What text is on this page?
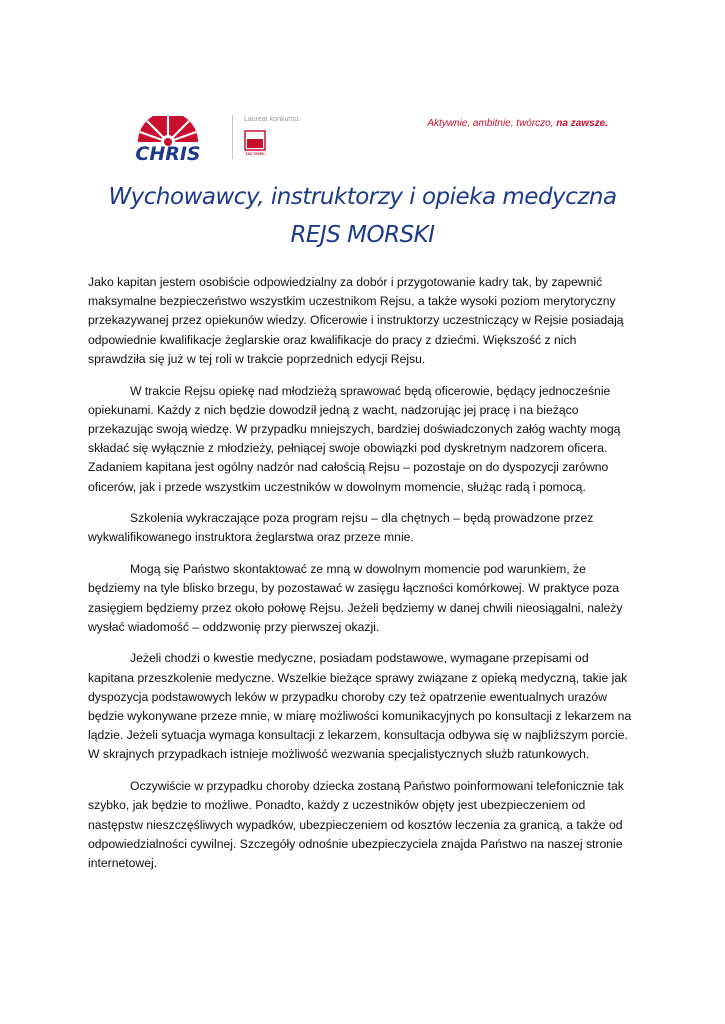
CHRIS
Laureat konkursu:
TAK TOKEN
Aktywnie, ambitnie, twórczo, na zawsze.
Wychowawcy, instruktorzy i opieka medyczna
REJS MORSKI

Jako kapitan jestem osobiście odpowiedzialny za dobór i przygotowanie kadry tak, by zapewnić maksymalne bezpieczeństwo wszystkim uczestnikom Rejsu, a także wysoki poziom merytoryczny przekazywanej przez opiekunów wiedzy. Oficerowie i instruktorzy uczestniczący w Rejsie posiadają odpowiednie kwalifikacje żeglarskie oraz kwalifikacje do pracy z dziećmi. Większość z nich sprawdziła się już w tej roli w trakcie poprzednich edycji Rejsu.

W trakcie Rejsu opiekę nad młodzieżą sprawować będą oficerowie, będący jednocześnie opiekunami. Każdy z nich będzie dowodził jedną z wacht, nadzorując jej pracę i na bieżąco przekazując swoją wiedzę. W przypadku mniejszych, bardziej doświadczonych załóg wachty mogą składać się wyłącznie z młodzieży, pełniącej swoje obowiązki pod dyskretnym nadzorem oficera. Zadaniem kapitana jest ogólny nadzór nad całością Rejsu – pozostaje on do dyspozycji zarówno oficerów, jak i przede wszystkim uczestników w dowolnym momencie, służąc radą i pomocą.

Szkolenia wykraczające poza program rejsu – dla chętnych – będą prowadzone przez wykwalifikowanego instruktora żeglarstwa oraz przeze mnie.

Mogą się Państwo skontaktować ze mną w dowolnym momencie pod warunkiem, że będziemy na tyle blisko brzegu, by pozostawać w zasięgu łączności komórkowej. W praktyce poza zasięgiem będziemy przez około połowę Rejsu. Jeżeli będziemy w danej chwili nieosiągalni, należy wysłać wiadomość – oddzwonię przy pierwszej okazji.

Jeżeli chodzi o kwestie medyczne, posiadam podstawowe, wymagane przepisami od kapitana przeszkolenie medyczne. Wszelkie bieżące sprawy związane z opieką medyczną, takie jak dyspozycja podstawowych leków w przypadku choroby czy też opatrzenie ewentualnych urazów będzie wykonywane przeze mnie, w miarę możliwości komunikacyjnych po konsultacji z lekarzem na lądzie. Jeżeli sytuacja wymaga konsultacji z lekarzem, konsultacja odbywa się w najbliższym porcie. W skrajnych przypadkach istnieje możliwość wezwania specjalistycznych służb ratunkowych.

Oczywiście w przypadku choroby dziecka zostaną Państwo poinformowani telefonicznie tak szybko, jak będzie to możliwe. Ponadto, każdy z uczestników objęty jest ubezpieczeniem od następstw nieszczęśliwych wypadków, ubezpieczeniem od kosztów leczenia za granicą, a także od odpowiedzialności cywilnej. Szczegóły odnośnie ubezpieczyciela znajda Państwo na naszej stronie internetowej.
